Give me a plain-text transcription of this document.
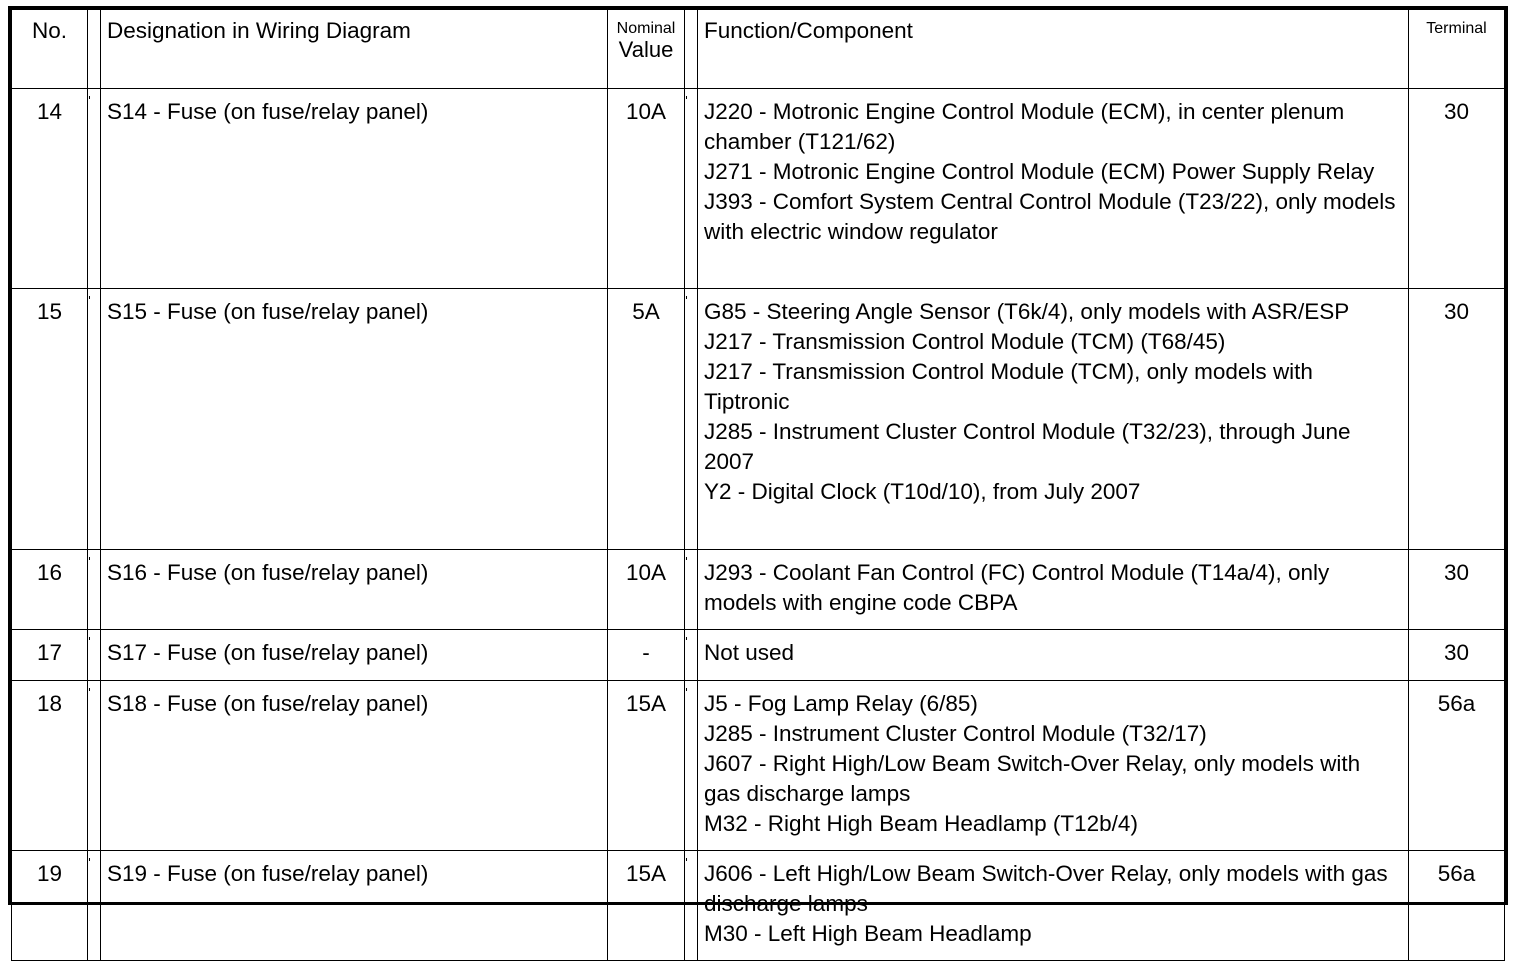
No.		Designation in Wiring Diagram	Nominal
Value		Function/Component	Terminal

14		S14 - Fuse (on fuse/relay panel)	10A		J220 - Motronic Engine Control Module (ECM), in center plenum chamber (T121/62)
J271 - Motronic Engine Control Module (ECM) Power Supply Relay
J393 - Comfort System Central Control Module (T23/22), only models with electric window regulator	30
15		S15 - Fuse (on fuse/relay panel)	5A		G85 - Steering Angle Sensor (T6k/4), only models with ASR/ESP
J217 - Transmission Control Module (TCM) (T68/45)
J217 - Transmission Control Module (TCM), only models with Tiptronic
J285 - Instrument Cluster Control Module (T32/23), through June 2007
Y2 - Digital Clock (T10d/10), from July 2007	30
16		S16 - Fuse (on fuse/relay panel)	10A		J293 - Coolant Fan Control (FC) Control Module (T14a/4), only models with engine code CBPA	30
17		S17 - Fuse (on fuse/relay panel)	-		Not used	30
18		S18 - Fuse (on fuse/relay panel)	15A		J5 - Fog Lamp Relay (6/85)
J285 - Instrument Cluster Control Module (T32/17)
J607 - Right High/Low Beam Switch-Over Relay, only models with gas discharge lamps
M32 - Right High Beam Headlamp (T12b/4)	56a
19		S19 - Fuse (on fuse/relay panel)	15A		J606 - Left High/Low Beam Switch-Over Relay, only models with gas discharge lamps
M30 - Left High Beam Headlamp	56a
